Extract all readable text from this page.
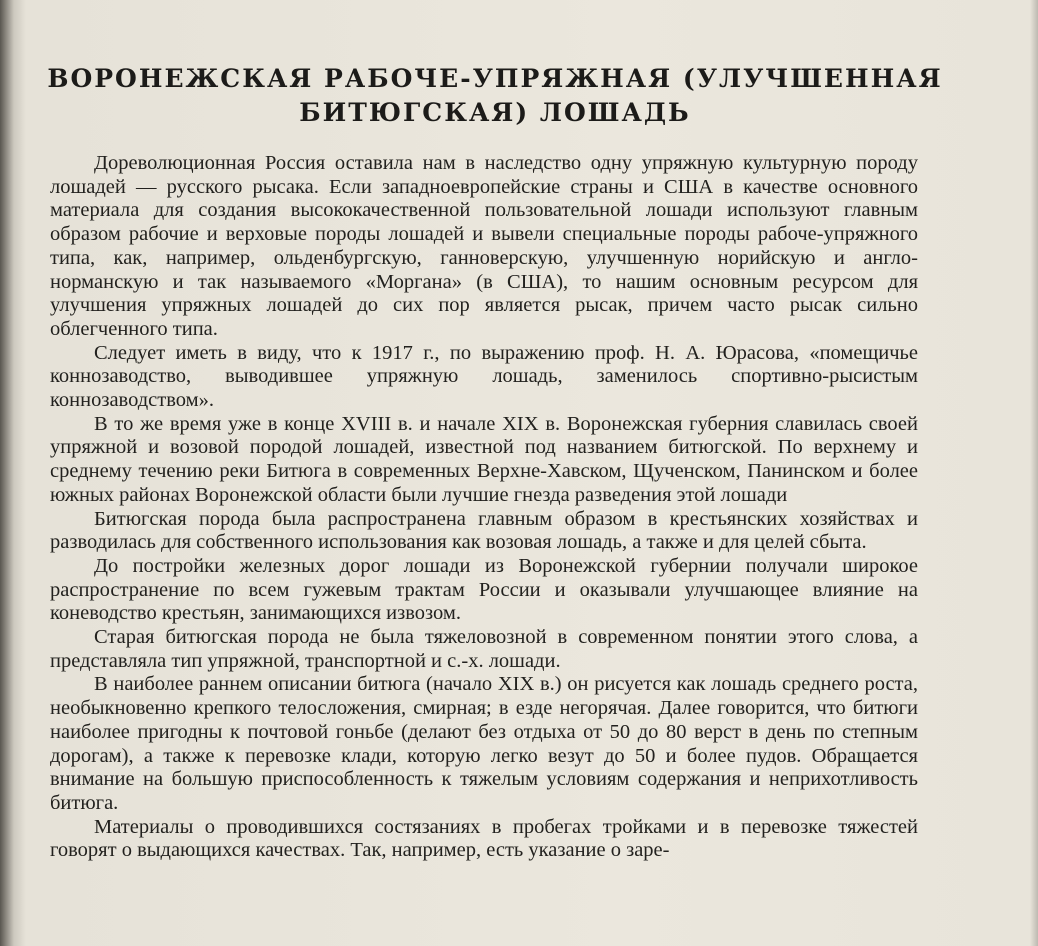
ВОРОНЕЖСКАЯ РАБОЧЕ-УПРЯЖНАЯ (УЛУЧШЕННАЯ
БИТЮГСКАЯ) ЛОШАДЬ

Дореволюционная Россия оставила нам в наследство одну упряжную культурную породу лошадей — русского рысака. Если западноевропейские страны и США в качестве основного материала для создания высококачественной пользовательной лошади используют главным образом рабочие и верховые породы лошадей и вывели специальные породы рабоче-упряжного типа, как, например, ольденбургскую, ганноверскую, улучшенную норийскую и англо-норманскую и так называемого «Моргана» (в США), то нашим основным ресурсом для улучшения упряжных лошадей до сих пор является рысак, причем часто рысак сильно облегченного типа.

Следует иметь в виду, что к 1917 г., по выражению проф. Н. А. Юрасова, «помещичье коннозаводство, выводившее упряжную лошадь, заменилось спортивно-рысистым коннозаводством».

В то же время уже в конце XVIII в. и начале XIX в. Воронежская губерния славилась своей упряжной и возовой породой лошадей, известной под названием битюгской. По верхнему и среднему течению реки Битюга в современных Верхне-Хавском, Щученском, Панинском и более южных районах Воронежской области были лучшие гнезда разведения этой лошади

Битюгская порода была распространена главным образом в крестьянских хозяйствах и разводилась для собственного использования как возовая лошадь, а также и для целей сбыта.

До постройки железных дорог лошади из Воронежской губернии получали широкое распространение по всем гужевым трактам России и оказывали улучшающее влияние на коневодство крестьян, занимающихся извозом.

Старая битюгская порода не была тяжеловозной в современном понятии этого слова, а представляла тип упряжной, транспортной и с.-х. лошади.

В наиболее раннем описании битюга (начало XIX в.) он рисуется как лошадь среднего роста, необыкновенно крепкого телосложения, смирная; в езде негорячая. Далее говорится, что битюги наиболее пригодны к почтовой гоньбе (делают без отдыха от 50 до 80 верст в день по степным дорогам), а также к перевозке клади, которую легко везут до 50 и более пудов. Обращается внимание на большую приспособленность к тяжелым условиям содержания и неприхотливость битюга.

Материалы о проводившихся состязаниях в пробегах тройками и в перевозке тяжестей говорят о выдающихся качествах. Так, например, есть указание о заре-
